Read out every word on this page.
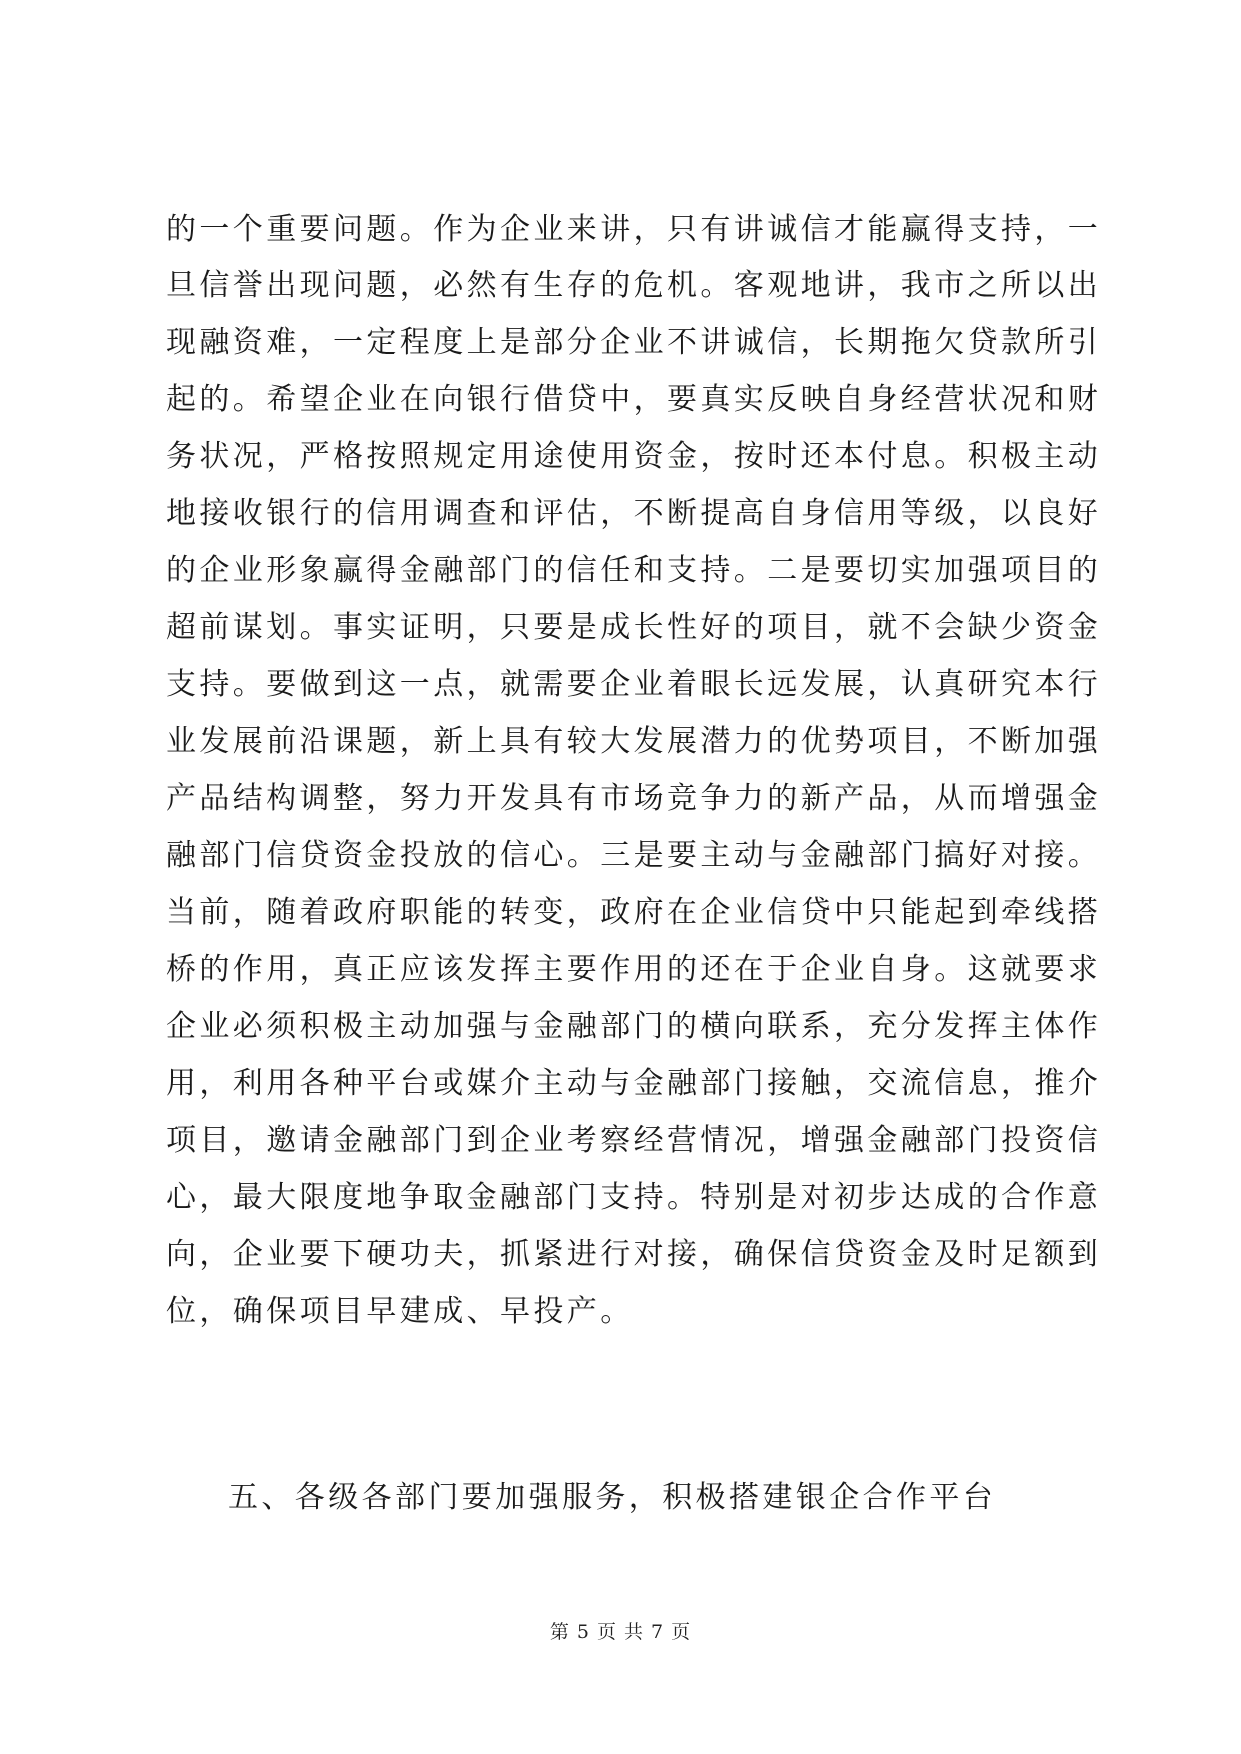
的一个重要问题。作为企业来讲，只有讲诚信才能赢得支持，一
旦信誉出现问题，必然有生存的危机。客观地讲，我市之所以出
现融资难，一定程度上是部分企业不讲诚信，长期拖欠贷款所引
起的。希望企业在向银行借贷中，要真实反映自身经营状况和财
务状况，严格按照规定用途使用资金，按时还本付息。积极主动
地接收银行的信用调查和评估，不断提高自身信用等级，以良好
的企业形象赢得金融部门的信任和支持。二是要切实加强项目的
超前谋划。事实证明，只要是成长性好的项目，就不会缺少资金
支持。要做到这一点，就需要企业着眼长远发展，认真研究本行
业发展前沿课题，新上具有较大发展潜力的优势项目，不断加强
产品结构调整，努力开发具有市场竞争力的新产品，从而增强金
融部门信贷资金投放的信心。三是要主动与金融部门搞好对接。
当前，随着政府职能的转变，政府在企业信贷中只能起到牵线搭
桥的作用，真正应该发挥主要作用的还在于企业自身。这就要求
企业必须积极主动加强与金融部门的横向联系，充分发挥主体作
用，利用各种平台或媒介主动与金融部门接触，交流信息，推介
项目，邀请金融部门到企业考察经营情况，增强金融部门投资信
心，最大限度地争取金融部门支持。特别是对初步达成的合作意
向，企业要下硬功夫，抓紧进行对接，确保信贷资金及时足额到
位，确保项目早建成、早投产。
五、各级各部门要加强服务，积极搭建银企合作平台
第 5 页 共 7 页
